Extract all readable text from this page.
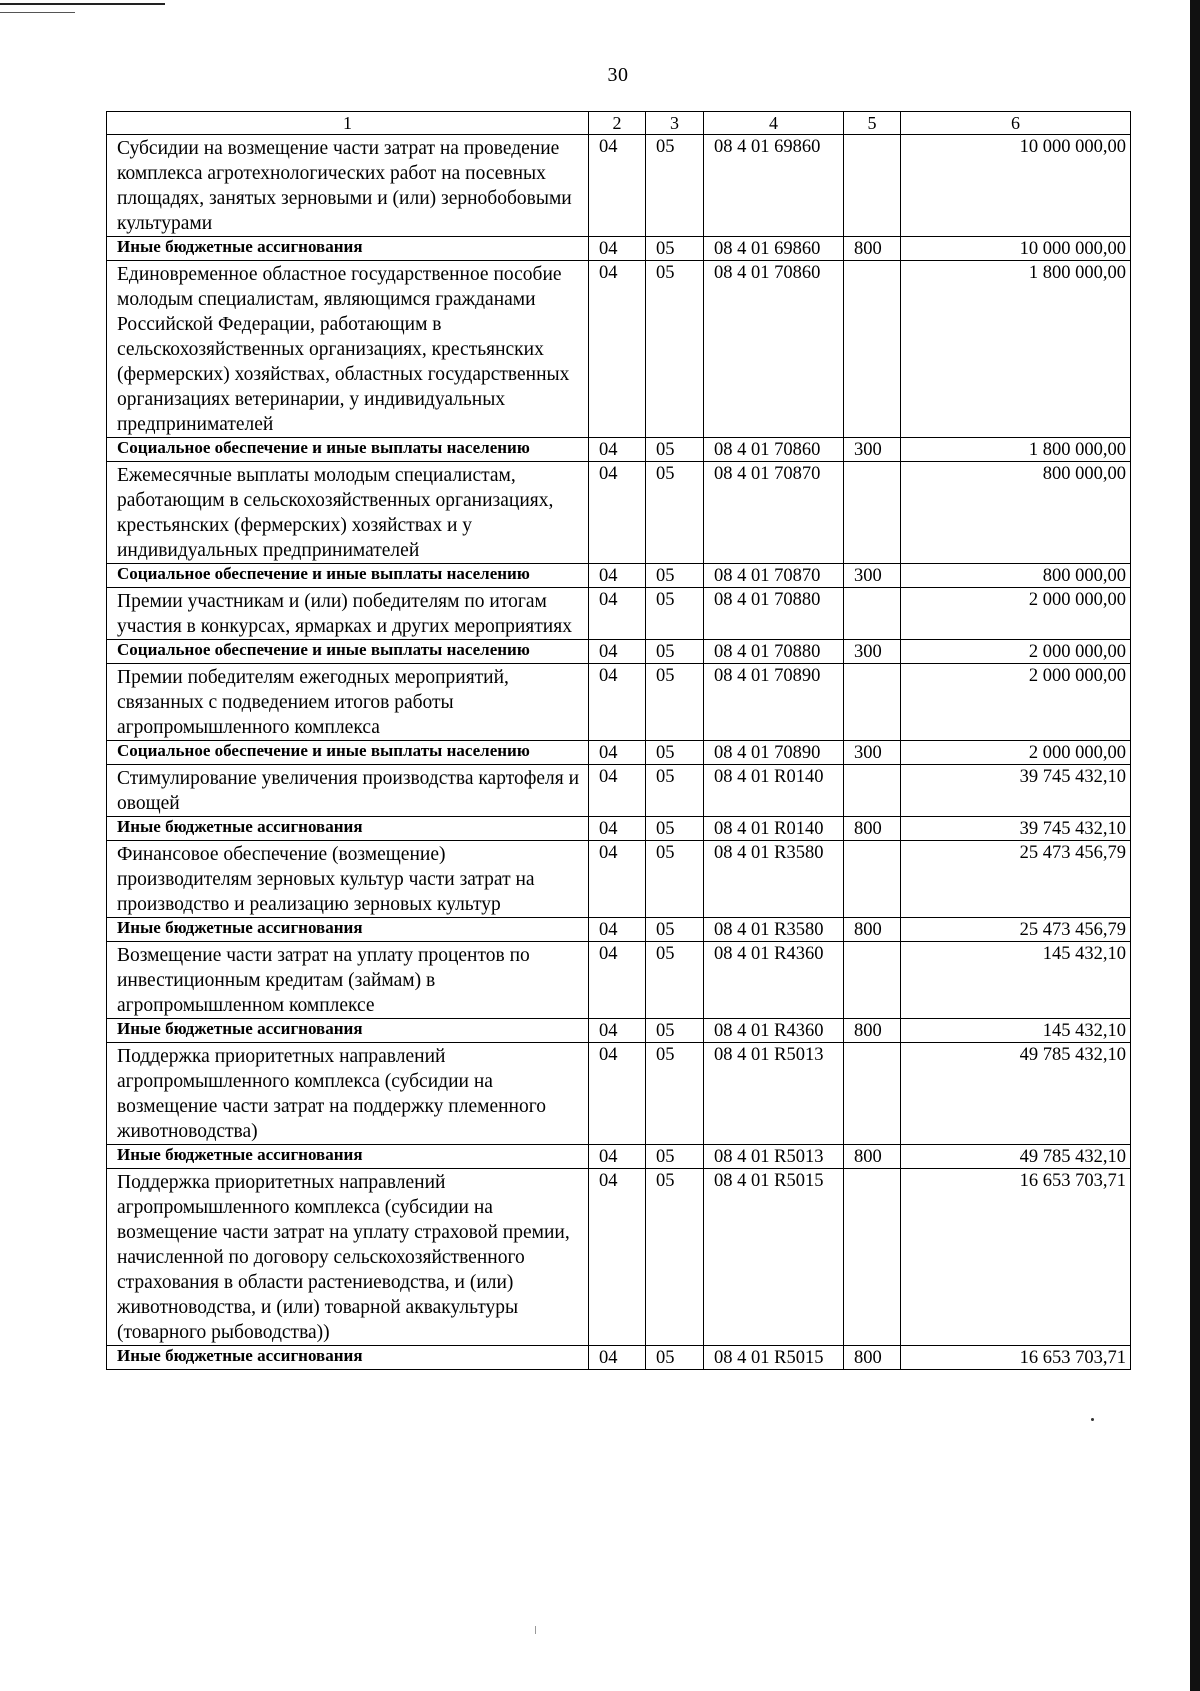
30
1	2	3	4	5	6
Субсидии на возмещение части затрат на проведение комплекса агротехнологических работ на посевных площадях, занятых зерновыми и (или) зернобобовыми культурами	04	05	08 4 01 69860		10 000 000,00
Иные бюджетные ассигнования	04	05	08 4 01 69860	800	10 000 000,00
Единовременное областное государственное пособие молодым специалистам, являющимся гражданами Российской Федерации, работающим в сельскохозяйственных организациях, крестьянских (фермерских) хозяйствах, областных государственных организациях ветеринарии, у индивидуальных предпринимателей	04	05	08 4 01 70860		1 800 000,00
Социальное обеспечение и иные выплаты населению	04	05	08 4 01 70860	300	1 800 000,00
Ежемесячные выплаты молодым специалистам, работающим в сельскохозяйственных организациях, крестьянских (фермерских) хозяйствах и у индивидуальных предпринимателей	04	05	08 4 01 70870		800 000,00
Социальное обеспечение и иные выплаты населению	04	05	08 4 01 70870	300	800 000,00
Премии участникам и (или) победителям по итогам участия в конкурсах, ярмарках и других мероприятиях	04	05	08 4 01 70880		2 000 000,00
Социальное обеспечение и иные выплаты населению	04	05	08 4 01 70880	300	2 000 000,00
Премии победителям ежегодных мероприятий, связанных с подведением итогов работы агропромышленного комплекса	04	05	08 4 01 70890		2 000 000,00
Социальное обеспечение и иные выплаты населению	04	05	08 4 01 70890	300	2 000 000,00
Стимулирование увеличения производства картофеля и овощей	04	05	08 4 01 R0140		39 745 432,10
Иные бюджетные ассигнования	04	05	08 4 01 R0140	800	39 745 432,10
Финансовое обеспечение (возмещение) производителям зерновых культур части затрат на производство и реализацию зерновых культур	04	05	08 4 01 R3580		25 473 456,79
Иные бюджетные ассигнования	04	05	08 4 01 R3580	800	25 473 456,79
Возмещение части затрат на уплату процентов по инвестиционным кредитам (займам) в агропромышленном комплексе	04	05	08 4 01 R4360		145 432,10
Иные бюджетные ассигнования	04	05	08 4 01 R4360	800	145 432,10
Поддержка приоритетных направлений агропромышленного комплекса (субсидии на возмещение части затрат на поддержку племенного животноводства)	04	05	08 4 01 R5013		49 785 432,10
Иные бюджетные ассигнования	04	05	08 4 01 R5013	800	49 785 432,10
Поддержка приоритетных направлений агропромышленного комплекса (субсидии на возмещение части затрат на уплату страховой премии, начисленной по договору сельскохозяйственного страхования в области растениеводства, и (или) животноводства, и (или) товарной аквакультуры (товарного рыбоводства))	04	05	08 4 01 R5015		16 653 703,71
Иные бюджетные ассигнования	04	05	08 4 01 R5015	800	16 653 703,71
